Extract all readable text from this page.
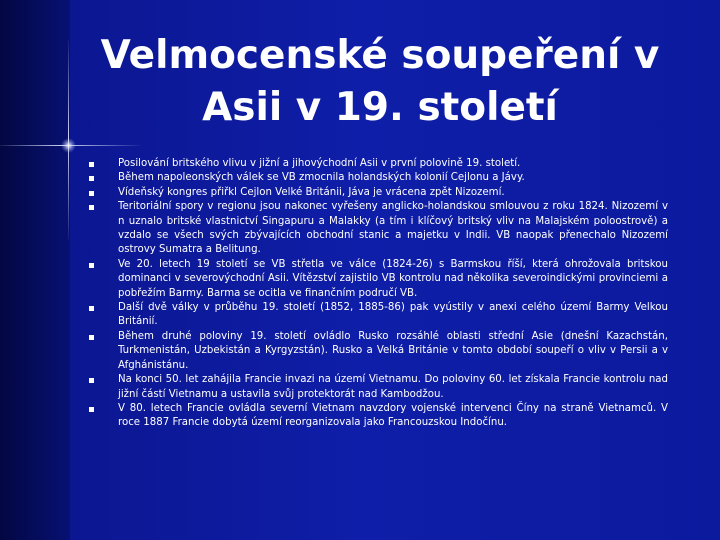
Velmocenské soupeření v Asii v 19. století
Posilování britského vlivu v jižní a jihovýchodní Asii v první polovině 19. století.
Během napoleonských válek se VB zmocnila holandských kolonií Cejlonu a Jávy.
Vídeňský kongres přiřkl Cejlon Velké Británii, Jáva je vrácena zpět Nizozemí.
Teritoriální spory v regionu jsou nakonec vyřešeny anglicko-holandskou smlouvou z roku 1824. Nizozemí v n uznalo britské vlastnictví Singapuru a Malakky (a tím i klíčový britský vliv na Malajském poloostrově) a vzdalo se všech svých zbývajících obchodní stanic a majetku v Indii. VB naopak přenechalo Nizozemí ostrovy Sumatra a Belitung.
Ve 20. letech 19 století se VB střetla ve válce (1824-26) s Barmskou říší, která ohrožovala britskou dominanci v severovýchodní Asii. Vítězství zajistilo VB kontrolu nad několika severoindickými provinciemi a pobřežím Barmy. Barma se ocitla ve finančním područí VB.
Další dvě války v průběhu 19. století (1852, 1885-86) pak vyústily v anexi celého území Barmy Velkou Británií.
Během druhé poloviny 19. století ovládlo Rusko rozsáhlé oblasti střední Asie (dnešní Kazachstán, Turkmenistán, Uzbekistán a Kyrgyzstán). Rusko a Velká Británie v tomto období soupeří o vliv v Persii a v Afghánistánu.
Na konci 50. let zahájila Francie invazi na území Vietnamu. Do poloviny 60. let získala Francie kontrolu nad jižní částí Vietnamu a ustavila svůj protektorát nad Kambodžou.
V 80. letech Francie ovládla severní Vietnam navzdory vojenské intervenci Číny na straně Vietnamců. V roce 1887 Francie dobytá území reorganizovala jako Francouzskou Indočínu.
